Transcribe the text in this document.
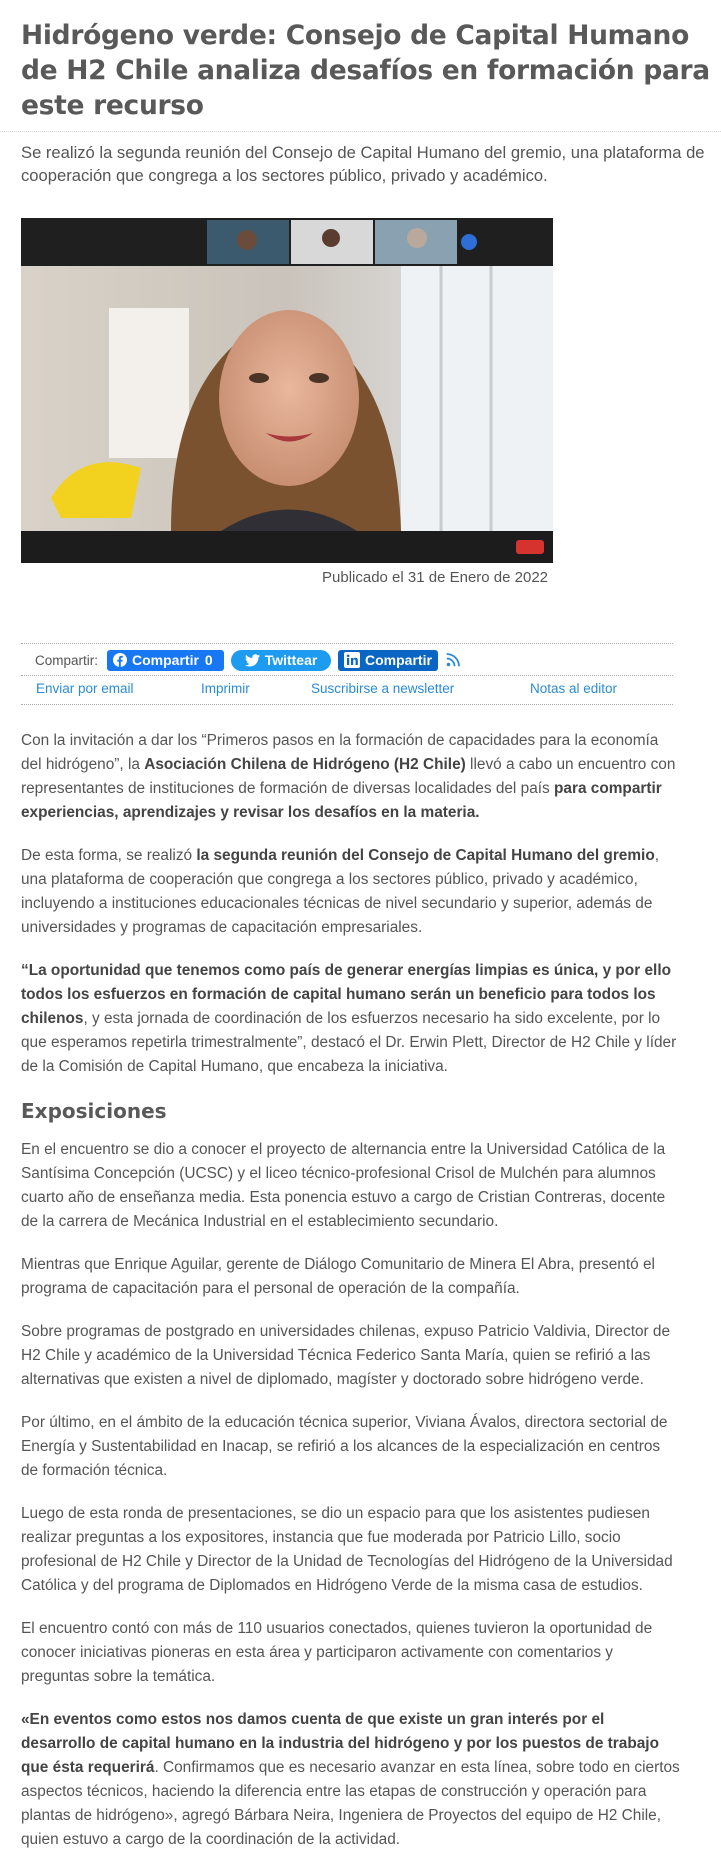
Hidrógeno verde: Consejo de Capital Humano de H2 Chile analiza desafíos en formación para este recurso

Se realizó la segunda reunión del Consejo de Capital Humano del gremio, una plataforma de cooperación que congrega a los sectores público, privado y académico.

Publicado el 31 de Enero de 2022
Compartir: Compartir 0	Twittear	Compartir
Enviar por email	Imprimir	Suscribirse a newsletter	Notas al editor

Con la invitación a dar los “Primeros pasos en la formación de capacidades para la economía del hidrógeno”, la Asociación Chilena de Hidrógeno (H2 Chile) llevó a cabo un encuentro con representantes de instituciones de formación de diversas localidades del país para compartir experiencias, aprendizajes y revisar los desafíos en la materia.

De esta forma, se realizó la segunda reunión del Consejo de Capital Humano del gremio, una plataforma de cooperación que congrega a los sectores público, privado y académico, incluyendo a instituciones educacionales técnicas de nivel secundario y superior, además de universidades y programas de capacitación empresariales.

“La oportunidad que tenemos como país de generar energías limpias es única, y por ello todos los esfuerzos en formación de capital humano serán un beneficio para todos los chilenos, y esta jornada de coordinación de los esfuerzos necesario ha sido excelente, por lo que esperamos repetirla trimestralmente”, destacó el Dr. Erwin Plett, Director de H2 Chile y líder de la Comisión de Capital Humano, que encabeza la iniciativa.

Exposiciones

En el encuentro se dio a conocer el proyecto de alternancia entre la Universidad Católica de la Santísima Concepción (UCSC) y el liceo técnico-profesional Crisol de Mulchén para alumnos cuarto año de enseñanza media. Esta ponencia estuvo a cargo de Cristian Contreras, docente de la carrera de Mecánica Industrial en el establecimiento secundario.

Mientras que Enrique Aguilar, gerente de Diálogo Comunitario de Minera El Abra, presentó el programa de capacitación para el personal de operación de la compañía.

Sobre programas de postgrado en universidades chilenas, expuso Patricio Valdivia, Director de H2 Chile y académico de la Universidad Técnica Federico Santa María, quien se refirió a las alternativas que existen a nivel de diplomado, magíster y doctorado sobre hidrógeno verde.

Por último, en el ámbito de la educación técnica superior, Viviana Ávalos, directora sectorial de Energía y Sustentabilidad en Inacap, se refirió a los alcances de la especialización en centros de formación técnica.

Luego de esta ronda de presentaciones, se dio un espacio para que los asistentes pudiesen realizar preguntas a los expositores, instancia que fue moderada por Patricio Lillo, socio profesional de H2 Chile y Director de la Unidad de Tecnologías del Hidrógeno de la Universidad Católica y del programa de Diplomados en Hidrógeno Verde de la misma casa de estudios.

El encuentro contó con más de 110 usuarios conectados, quienes tuvieron la oportunidad de conocer iniciativas pioneras en esta área y participaron activamente con comentarios y preguntas sobre la temática.

«En eventos como estos nos damos cuenta de que existe un gran interés por el desarrollo de capital humano en la industria del hidrógeno y por los puestos de trabajo que ésta requerirá. Confirmamos que es necesario avanzar en esta línea, sobre todo en ciertos aspectos técnicos, haciendo la diferencia entre las etapas de construcción y operación para plantas de hidrógeno», agregó Bárbara Neira, Ingeniera de Proyectos del equipo de H2 Chile, quien estuvo a cargo de la coordinación de la actividad.
